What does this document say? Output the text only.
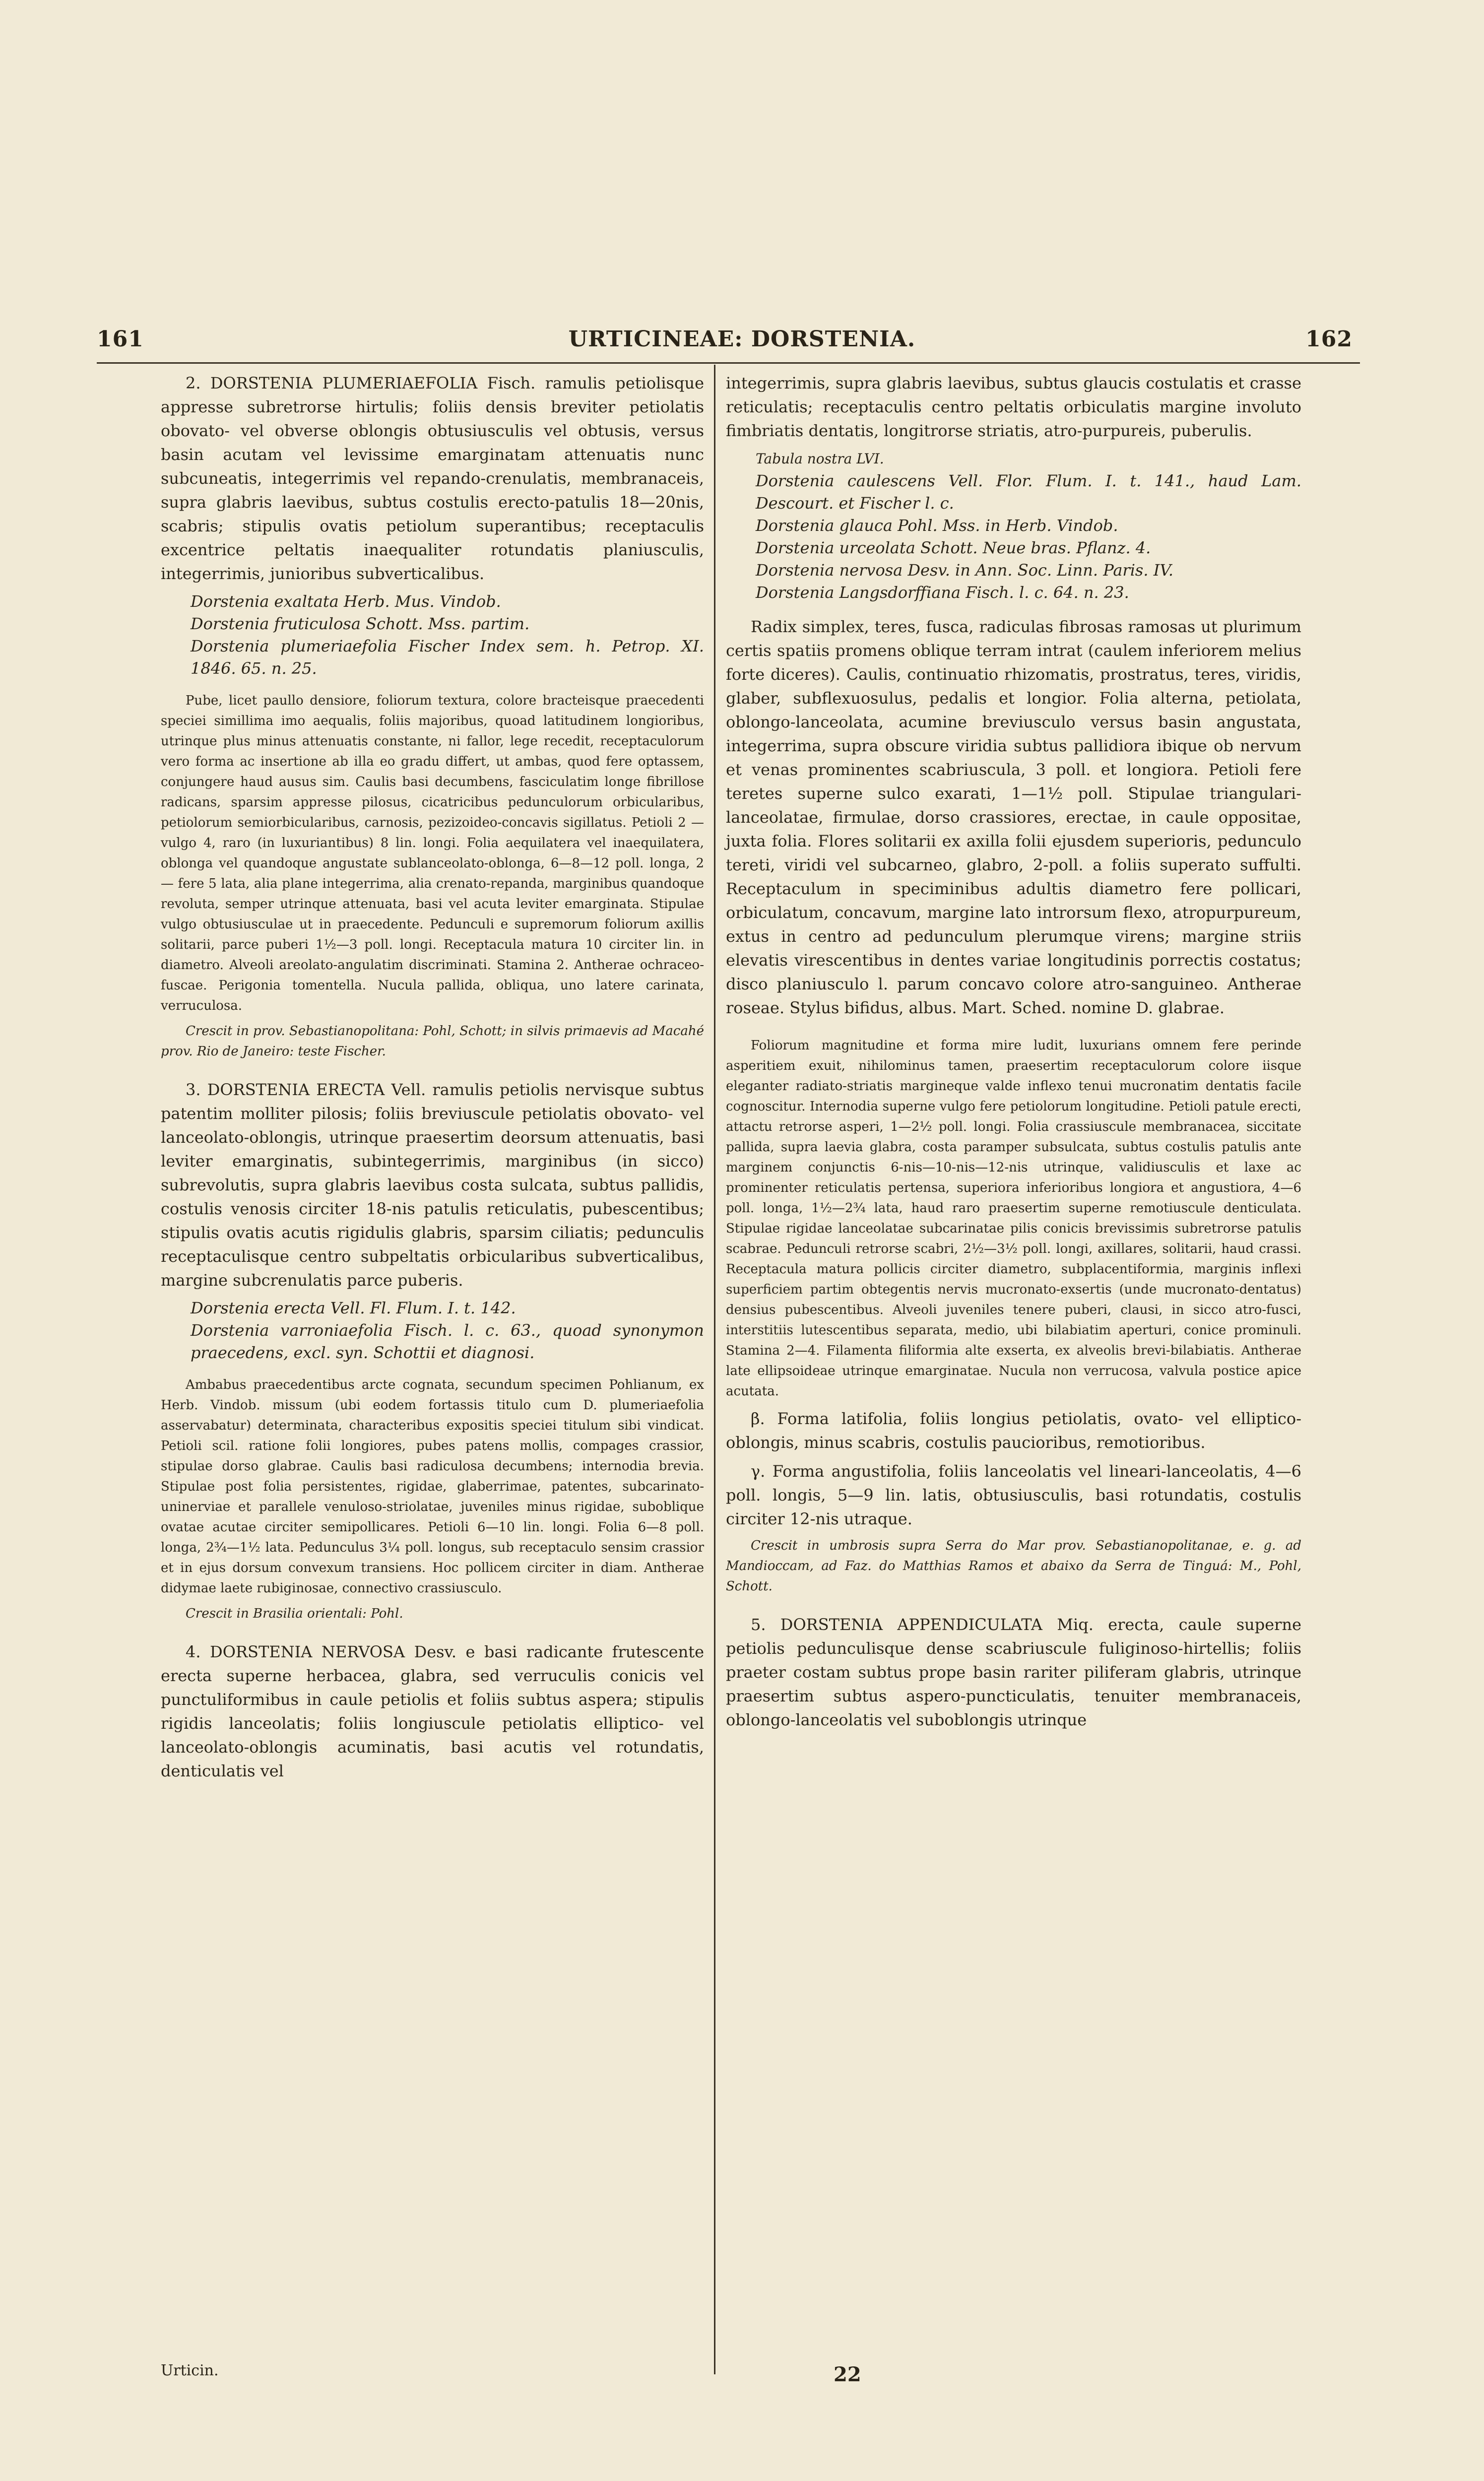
161	URTICINEAE: DORSTENIA.	162

2. DORSTENIA PLUMERIAEFOLIA Fisch. ramulis petiolisque appresse subretrorse hirtulis; foliis densis breviter petiolatis obovato- vel obverse oblongis obtusiusculis vel obtusis, versus basin acutam vel levissime emarginatam attenuatis nunc subcuneatis, integerrimis vel repando-crenulatis, membranaceis, supra glabris laevibus, subtus costulis erecto-patulis 18—20nis, scabris; stipulis ovatis petiolum superantibus; receptaculis excentrice peltatis inaequaliter rotundatis planiusculis, integerrimis, junioribus subverticalibus.

Dorstenia exaltata Herb. Mus. Vindob.

Dorstenia fruticulosa Schott. Mss. partim.

Dorstenia plumeriaefolia Fischer Index sem. h. Petrop. XI. 1846. 65. n. 25.

Pube, licet paullo densiore, foliorum textura, colore bracteisque praecedenti speciei simillima imo aequalis, foliis majoribus, quoad latitudinem longioribus, utrinque plus minus attenuatis constante, ni fallor, lege recedit, receptaculorum vero forma ac insertione ab illa eo gradu differt, ut ambas, quod fere optassem, conjungere haud ausus sim. Caulis basi decumbens, fasciculatim longe fibrillose radicans, sparsim appresse pilosus, cicatricibus pedunculorum orbicularibus, petiolorum semiorbicularibus, carnosis, pezizoideo-concavis sigillatus. Petioli 2 — vulgo 4, raro (in luxuriantibus) 8 lin. longi. Folia aequilatera vel inaequilatera, oblonga vel quandoque angustate sublanceolato-oblonga, 6—8—12 poll. longa, 2 — fere 5 lata, alia plane integerrima, alia crenato-repanda, marginibus quandoque revoluta, semper utrinque attenuata, basi vel acuta leviter emarginata. Stipulae vulgo obtusiusculae ut in praecedente. Pedunculi e supremorum foliorum axillis solitarii, parce puberi 1½—3 poll. longi. Receptacula matura 10 circiter lin. in diametro. Alveoli areolato-angulatim discriminati. Stamina 2. Antherae ochraceo-fuscae. Perigonia tomentella. Nucula pallida, obliqua, uno latere carinata, verruculosa.

Crescit in prov. Sebastianopolitana: Pohl, Schott; in silvis primaevis ad Macahé prov. Rio de Janeiro: teste Fischer.

3. DORSTENIA ERECTA Vell. ramulis petiolis nervisque subtus patentim molliter pilosis; foliis breviuscule petiolatis obovato- vel lanceolato-oblongis, utrinque praesertim deorsum attenuatis, basi leviter emarginatis, subintegerrimis, marginibus (in sicco) subrevolutis, supra glabris laevibus costa sulcata, subtus pallidis, costulis venosis circiter 18-nis patulis reticulatis, pubescentibus; stipulis ovatis acutis rigidulis glabris, sparsim ciliatis; pedunculis receptaculisque centro subpeltatis orbicularibus subverticalibus, margine subcrenulatis parce puberis.

Dorstenia erecta Vell. Fl. Flum. I. t. 142.

Dorstenia varroniaefolia Fisch. l. c. 63., quoad synonymon praecedens, excl. syn. Schottii et diagnosi.

Ambabus praecedentibus arcte cognata, secundum specimen Pohlianum, ex Herb. Vindob. missum (ubi eodem fortassis titulo cum D. plumeriaefolia asservabatur) determinata, characteribus expositis speciei titulum sibi vindicat. Petioli scil. ratione folii longiores, pubes patens mollis, compages crassior, stipulae dorso glabrae. Caulis basi radiculosa decumbens; internodia brevia. Stipulae post folia persistentes, rigidae, glaberrimae, patentes, subcarinato-uninerviae et parallele venuloso-striolatae, juveniles minus rigidae, suboblique ovatae acutae circiter semipollicares. Petioli 6—10 lin. longi. Folia 6—8 poll. longa, 2¾—1½ lata. Pedunculus 3¼ poll. longus, sub receptaculo sensim crassior et in ejus dorsum convexum transiens. Hoc pollicem circiter in diam. Antherae didymae laete rubiginosae, connectivo crassiusculo.

Crescit in Brasilia orientali: Pohl.

4. DORSTENIA NERVOSA Desv. e basi radicante frutescente erecta superne herbacea, glabra, sed verruculis conicis vel punctuliformibus in caule petiolis et foliis subtus aspera; stipulis rigidis lanceolatis; foliis longiuscule petiolatis elliptico- vel lanceolato-oblongis acuminatis, basi acutis vel rotundatis, denticulatis vel

integerrimis, supra glabris laevibus, subtus glaucis costulatis et crasse reticulatis; receptaculis centro peltatis orbiculatis margine involuto fimbriatis dentatis, longitrorse striatis, atro-purpureis, puberulis.

Tabula nostra LVI.

Dorstenia caulescens Vell. Flor. Flum. I. t. 141., haud Lam. Descourt. et Fischer l. c.

Dorstenia glauca Pohl. Mss. in Herb. Vindob.

Dorstenia urceolata Schott. Neue bras. Pflanz. 4.

Dorstenia nervosa Desv. in Ann. Soc. Linn. Paris. IV.

Dorstenia Langsdorffiana Fisch. l. c. 64. n. 23.

Radix simplex, teres, fusca, radiculas fibrosas ramosas ut plurimum certis spatiis promens oblique terram intrat (caulem inferiorem melius forte diceres). Caulis, continuatio rhizomatis, prostratus, teres, viridis, glaber, subflexuosulus, pedalis et longior. Folia alterna, petiolata, oblongo-lanceolata, acumine breviusculo versus basin angustata, integerrima, supra obscure viridia subtus pallidiora ibique ob nervum et venas prominentes scabriuscula, 3 poll. et longiora. Petioli fere teretes superne sulco exarati, 1—1½ poll. Stipulae triangulari-lanceolatae, firmulae, dorso crassiores, erectae, in caule oppositae, juxta folia. Flores solitarii ex axilla folii ejusdem superioris, pedunculo tereti, viridi vel subcarneo, glabro, 2-poll. a foliis superato suffulti. Receptaculum in speciminibus adultis diametro fere pollicari, orbiculatum, concavum, margine lato introrsum flexo, atropurpureum, extus in centro ad pedunculum plerumque virens; margine striis elevatis virescentibus in dentes variae longitudinis porrectis costatus; disco planiusculo l. parum concavo colore atro-sanguineo. Antherae roseae. Stylus bifidus, albus. Mart. Sched. nomine D. glabrae.

Foliorum magnitudine et forma mire ludit, luxurians omnem fere perinde asperitiem exuit, nihilominus tamen, praesertim receptaculorum colore iisque eleganter radiato-striatis margineque valde inflexo tenui mucronatim dentatis facile cognoscitur. Internodia superne vulgo fere petiolorum longitudine. Petioli patule erecti, attactu retrorse asperi, 1—2½ poll. longi. Folia crassiuscule membranacea, siccitate pallida, supra laevia glabra, costa paramper subsulcata, subtus costulis patulis ante marginem conjunctis 6-nis—10-nis—12-nis utrinque, validiusculis et laxe ac prominenter reticulatis pertensa, superiora inferioribus longiora et angustiora, 4—6 poll. longa, 1½—2¾ lata, haud raro praesertim superne remotiuscule denticulata. Stipulae rigidae lanceolatae subcarinatae pilis conicis brevissimis subretrorse patulis scabrae. Pedunculi retrorse scabri, 2½—3½ poll. longi, axillares, solitarii, haud crassi. Receptacula matura pollicis circiter diametro, subplacentiformia, marginis inflexi superficiem partim obtegentis nervis mucronato-exsertis (unde mucronato-dentatus) densius pubescentibus. Alveoli juveniles tenere puberi, clausi, in sicco atro-fusci, interstitiis lutescentibus separata, medio, ubi bilabiatim aperturi, conice prominuli. Stamina 2—4. Filamenta filiformia alte exserta, ex alveolis brevi-bilabiatis. Antherae late ellipsoideae utrinque emarginatae. Nucula non verrucosa, valvula postice apice acutata.

β. Forma latifolia, foliis longius petiolatis, ovato- vel elliptico-oblongis, minus scabris, costulis paucioribus, remotioribus.

γ. Forma angustifolia, foliis lanceolatis vel lineari-lanceolatis, 4—6 poll. longis, 5—9 lin. latis, obtusiusculis, basi rotundatis, costulis circiter 12-nis utraque.

Crescit in umbrosis supra Serra do Mar prov. Sebastianopolitanae, e. g. ad Mandioccam, ad Faz. do Matthias Ramos et abaixo da Serra de Tinguá: M., Pohl, Schott.

5. DORSTENIA APPENDICULATA Miq. erecta, caule superne petiolis pedunculisque dense scabriuscule fuliginoso-hirtellis; foliis praeter costam subtus prope basin rariter piliferam glabris, utrinque praesertim subtus aspero-puncticulatis, tenuiter membranaceis, oblongo-lanceolatis vel suboblongis utrinque

Urticin.	22
